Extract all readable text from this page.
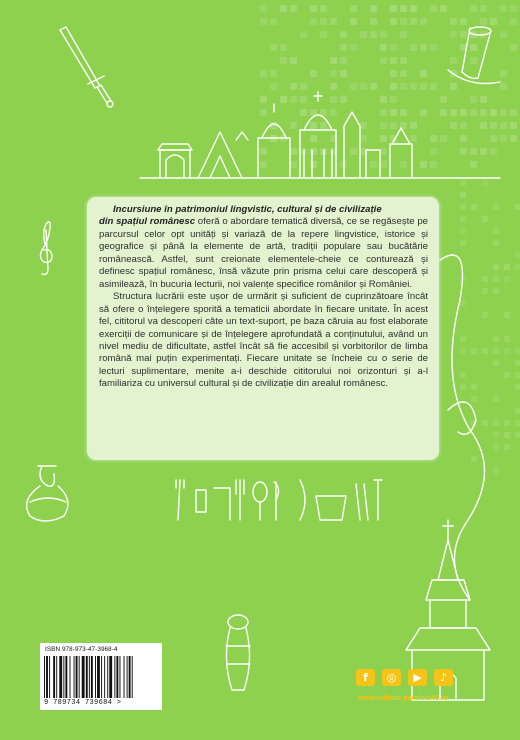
Incursiune în patrimoniul lingvistic, cultural și de civilizație
din spațiul românesc oferă o abordare tematică diversă, ce se regăsește pe parcursul celor opt unități și variază de la repere lingvistice, istorice și geografice și până la elemente de artă, tradiții populare sau bucătărie românească. Astfel, sunt creionate elementele-cheie ce conturează și definesc spațiul românesc, însă văzute prin prisma celui care descoperă și asimilează, în bucuria lecturii, noi valențe specifice românilor și României.

Structura lucrării este ușor de urmărit și suficient de cuprinzătoare încât să ofere o înțelegere sporită a tematicii abordate în fiecare unitate. În acest fel, cititorul va descoperi câte un text-suport, pe baza căruia au fost elaborate exerciții de comunicare și de înțelegere aprofundată a conținutului, având un nivel mediu de dificultate, astfel încât să fie accesibil și vorbitorilor de limba română mai puțin experimentați. Fiecare unitate se încheie cu o serie de lecturi suplimentare, menite a-i deschide cititorului noi orizonturi și a-l familiariza cu universul cultural și de civilizație din arealul românesc.

ISBN 978-973-47-3968-4
9 789734 739684 >
f	◎	▶	♪
www.editura paralela45.ro
